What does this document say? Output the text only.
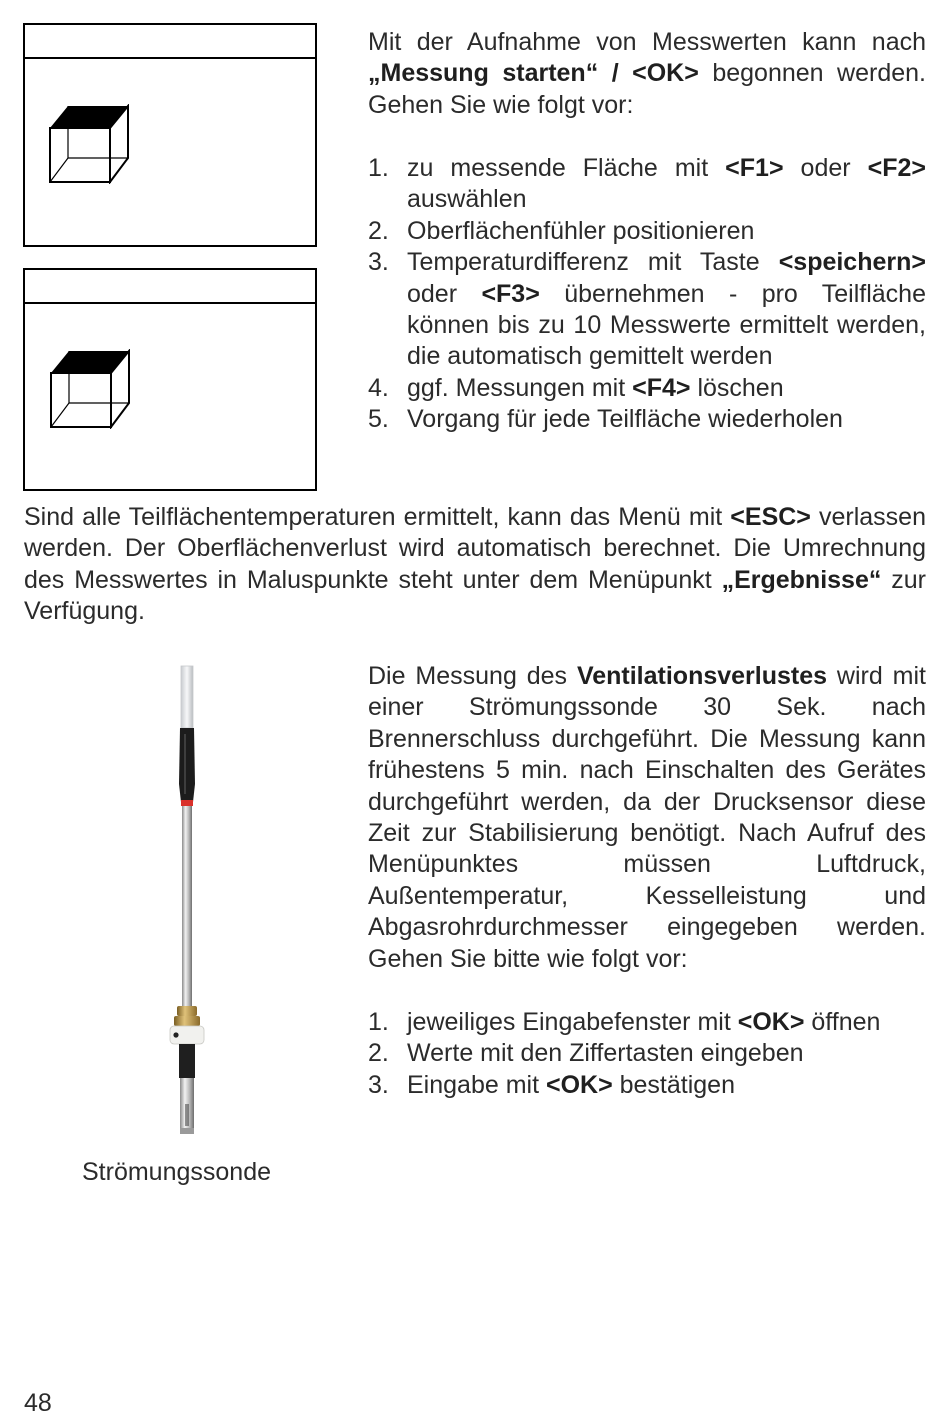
Mit der Aufnahme von Messwerten kann nach „Messung starten“ / <OK> begonnen werden. Gehen Sie wie folgt vor:

1. zu messende Fläche mit <F1> oder <F2> auswählen
2. Oberflächenfühler positionieren
3. Temperaturdifferenz mit Taste <speichern> oder <F3> übernehmen - pro Teilfläche können bis zu 10 Messwerte ermittelt werden, die automatisch gemittelt werden
4. ggf. Messungen mit <F4> löschen
5. Vorgang für jede Teilfläche wiederholen

Sind alle Teilflächentemperaturen ermittelt, kann das Menü mit <ESC> verlassen werden. Der Oberflächenverlust wird automatisch berechnet. Die Umrechnung des Messwertes in Maluspunkte steht unter dem Menüpunkt „Ergebnisse“ zur Verfügung.

Strömungssonde

Die Messung des Ventilationsverlustes wird mit einer Strömungssonde 30 Sek. nach Brennerschluss durchgeführt. Die Messung kann frühestens 5 min. nach Einschalten des Gerätes durchgeführt werden, da der Drucksensor diese Zeit zur Stabilisierung benötigt. Nach Aufruf des Menüpunktes müssen Luftdruck, Außentemperatur, Kesselleistung und Abgasrohrdurchmesser eingegeben werden. Gehen Sie bitte wie folgt vor:

1. jeweiliges Eingabefenster mit <OK> öffnen
2. Werte mit den Ziffertasten eingeben
3. Eingabe mit <OK> bestätigen
48
